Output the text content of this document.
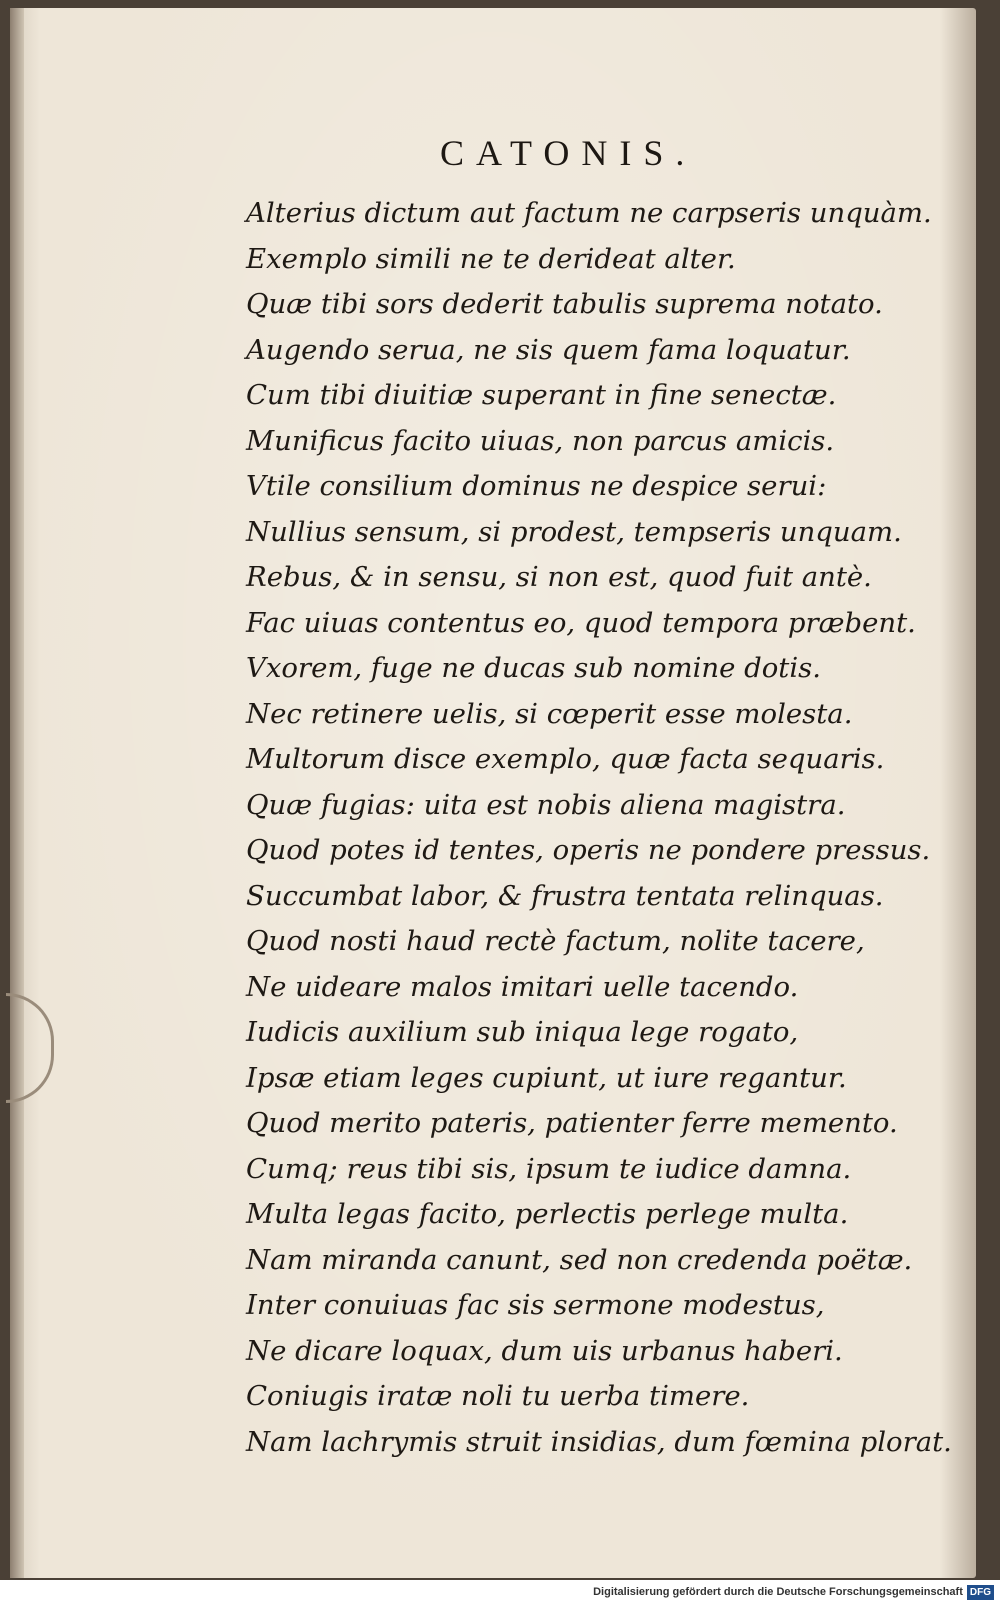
CATONIS.
Alterius dictum aut factum ne carpseris unquàm.
Exemplo simili ne te derideat alter.
Quæ tibi sors dederit tabulis suprema notato.
Augendo serua, ne sis quem fama loquatur.
Cum tibi diuitiæ superant in fine senectæ.
Munificus facito uiuas, non parcus amicis.
Vtile consilium dominus ne despice serui:
Nullius sensum, si prodest, tempseris unquam.
Rebus, & in sensu, si non est, quod fuit antè.
Fac uiuas contentus eo, quod tempora præbent.
Vxorem, fuge ne ducas sub nomine dotis.
Nec retinere uelis, si cœperit esse molesta.
Multorum disce exemplo, quæ facta sequaris.
Quæ fugias: uita est nobis aliena magistra.
Quod potes id tentes, operis ne pondere pressus.
Succumbat labor, & frustra tentata relinquas.
Quod nosti haud rectè factum, nolite tacere,
Ne uideare malos imitari uelle tacendo.
Iudicis auxilium sub iniqua lege rogato,
Ipsæ etiam leges cupiunt, ut iure regantur.
Quod merito pateris, patienter ferre memento.
Cumq; reus tibi sis, ipsum te iudice damna.
Multa legas facito, perlectis perlege multa.
Nam miranda canunt, sed non credenda poëtæ.
Inter conuiuas fac sis sermone modestus,
Ne dicare loquax, dum uis urbanus haberi.
Coniugis iratæ noli tu uerba timere.
Nam lachrymis struit insidias, dum fœmina plorat.
Digitalisierung gefördert durch die Deutsche Forschungsgemeinschaft DFG
